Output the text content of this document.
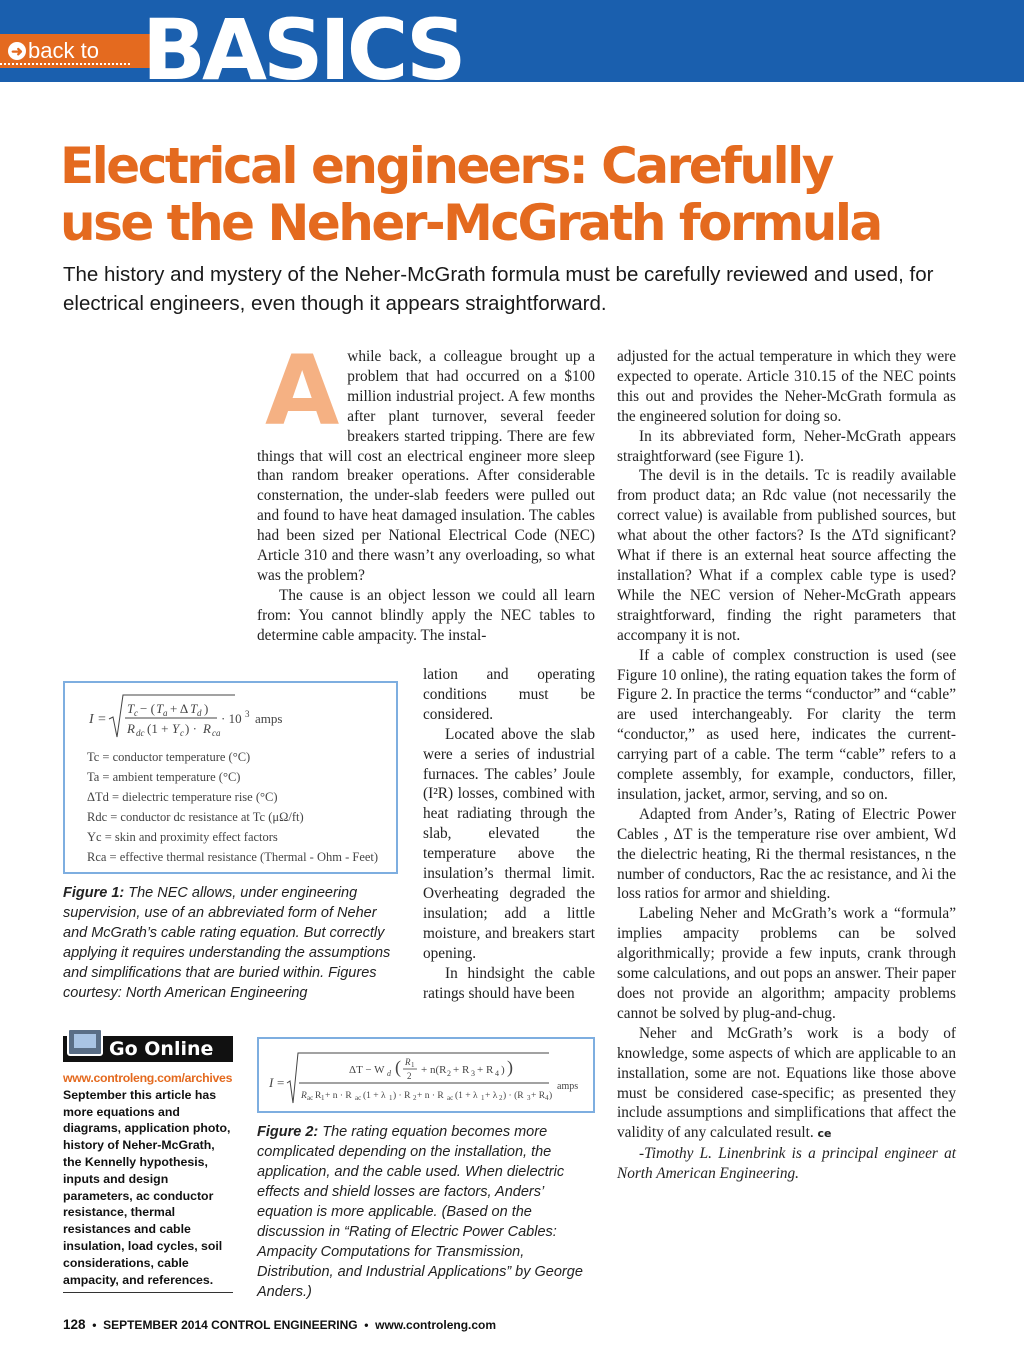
➜ back to BASICS
Electrical engineers: Carefully
use the Neher-McGrath formula

The history and mystery of the Neher-McGrath formula must be carefully reviewed and used, for electrical engineers, even though it appears straightforward.

A while back, a colleague brought up a problem that had occurred on a $100 million industrial project. A few months after plant turnover, several feeder breakers started tripping. There are few things that will cost an electrical engineer more sleep than random breaker operations. After considerable consternation, the under-slab feeders were pulled out and found to have heat damaged insulation. The cables had been sized per National Electrical Code (NEC) Article 310 and there wasn’t any overloading, so what was the problem?

The cause is an object lesson we could all learn from: You cannot blindly apply the NEC tables to determine cable ampacity. The instal-

lation and operating conditions must be considered.

Located above the slab were a series of industrial furnaces. The cables’ Joule (I²R) losses, combined with heat radiating through the slab, elevated the temperature above the insulation’s thermal limit. Overheating degraded the insulation; add a little moisture, and breakers start opening.

In hindsight the cable ratings should have been

adjusted for the actual temperature in which they were expected to operate. Article 310.15 of the NEC points this out and provides the Neher-McGrath formula as the engineered solution for doing so.

In its abbreviated form, Neher-McGrath appears straightforward (see Figure 1).

The devil is in the details. Tc is readily available from product data; an Rdc value (not necessarily the correct value) is available from published sources, but what about the other factors? Is the ΔTd significant? What if there is an external heat source affecting the installation? What if a complex cable type is used? While the NEC version of Neher-McGrath appears straightforward, finding the right parameters that accompany it is not.

If a cable of complex construction is used (see Figure 10 online), the rating equation takes the form of Figure 2. In practice the terms “conductor” and “cable” are used interchangeably. For clarity the term “conductor,” as used here, indicates the current-carrying part of a cable. The term “cable” refers to a complete assembly, for example, conductors, filler, insulation, jacket, armor, serving, and so on.

Adapted from Ander’s, Rating of Electric Power Cables , ΔT is the temperature rise over ambient, Wd the dielectric heating, Ri the thermal resistances, n the number of conductors, Rac the ac resistance, and λi the loss ratios for armor and shielding.

Labeling Neher and McGrath’s work a “formula” implies ampacity problems can be solved algorithmically; provide a few inputs, crank through some calculations, and out pops an answer. Their paper does not provide an algorithm; ampacity problems cannot be solved by plug-and-chug.

Neher and McGrath’s work is a body of knowledge, some aspects of which are applicable to an installation, some are not. Equations like those above must be considered case-specific; as presented they include assumptions and simplifications that affect the validity of any calculated result. ce

-Timothy L. Linenbrink is a principal engineer at North American Engineering.

I =
T c − ( T a + Δ T d )
R dc (1 + Y c ) · R ca
· 10 3 amps
Tc = conductor temperature (°C)
Ta = ambient temperature (°C)
ΔTd = dielectric temperature rise (°C)
Rdc = conductor dc resistance at Tc (μΩ/ft)
Yc = skin and proximity effect factors
Rca = effective thermal resistance (Thermal - Ohm - Feet)

Figure 1: The NEC allows, under engineering supervision, use of an abbreviated form of Neher and McGrath’s cable rating equation. But correctly applying it requires understanding the assumptions and simplifications that are buried within. Figures courtesy: North American Engineering

I =
ΔT − W d ( R 1
2 + n(R 2 + R 3 + R 4 ) )
R ac R 1 + n · R ac (1 + λ 1 ) · R 2 + n · R ac (1 + λ 1 + λ 2 ) · (R 3 + R 4 )
amps

Figure 2: The rating equation becomes more complicated depending on the installation, the application, and the cable used. When dielectric effects and shield losses are factors, Anders’ equation is more applicable. (Based on the discussion in “Rating of Electric Power Cables: Ampacity Computations for Transmission, Distribution, and Industrial Applications” by George Anders.)

Go Online

www.controleng.com/archives
September this article has more equations and diagrams, application photo, history of Neher-McGrath, the Kennelly hypothesis, inputs and design parameters, ac conductor resistance, thermal resistances and cable insulation, load cycles, soil considerations, cable ampacity, and references.

128  •  SEPTEMBER 2014 CONTROL ENGINEERING  •  www.controleng.com
